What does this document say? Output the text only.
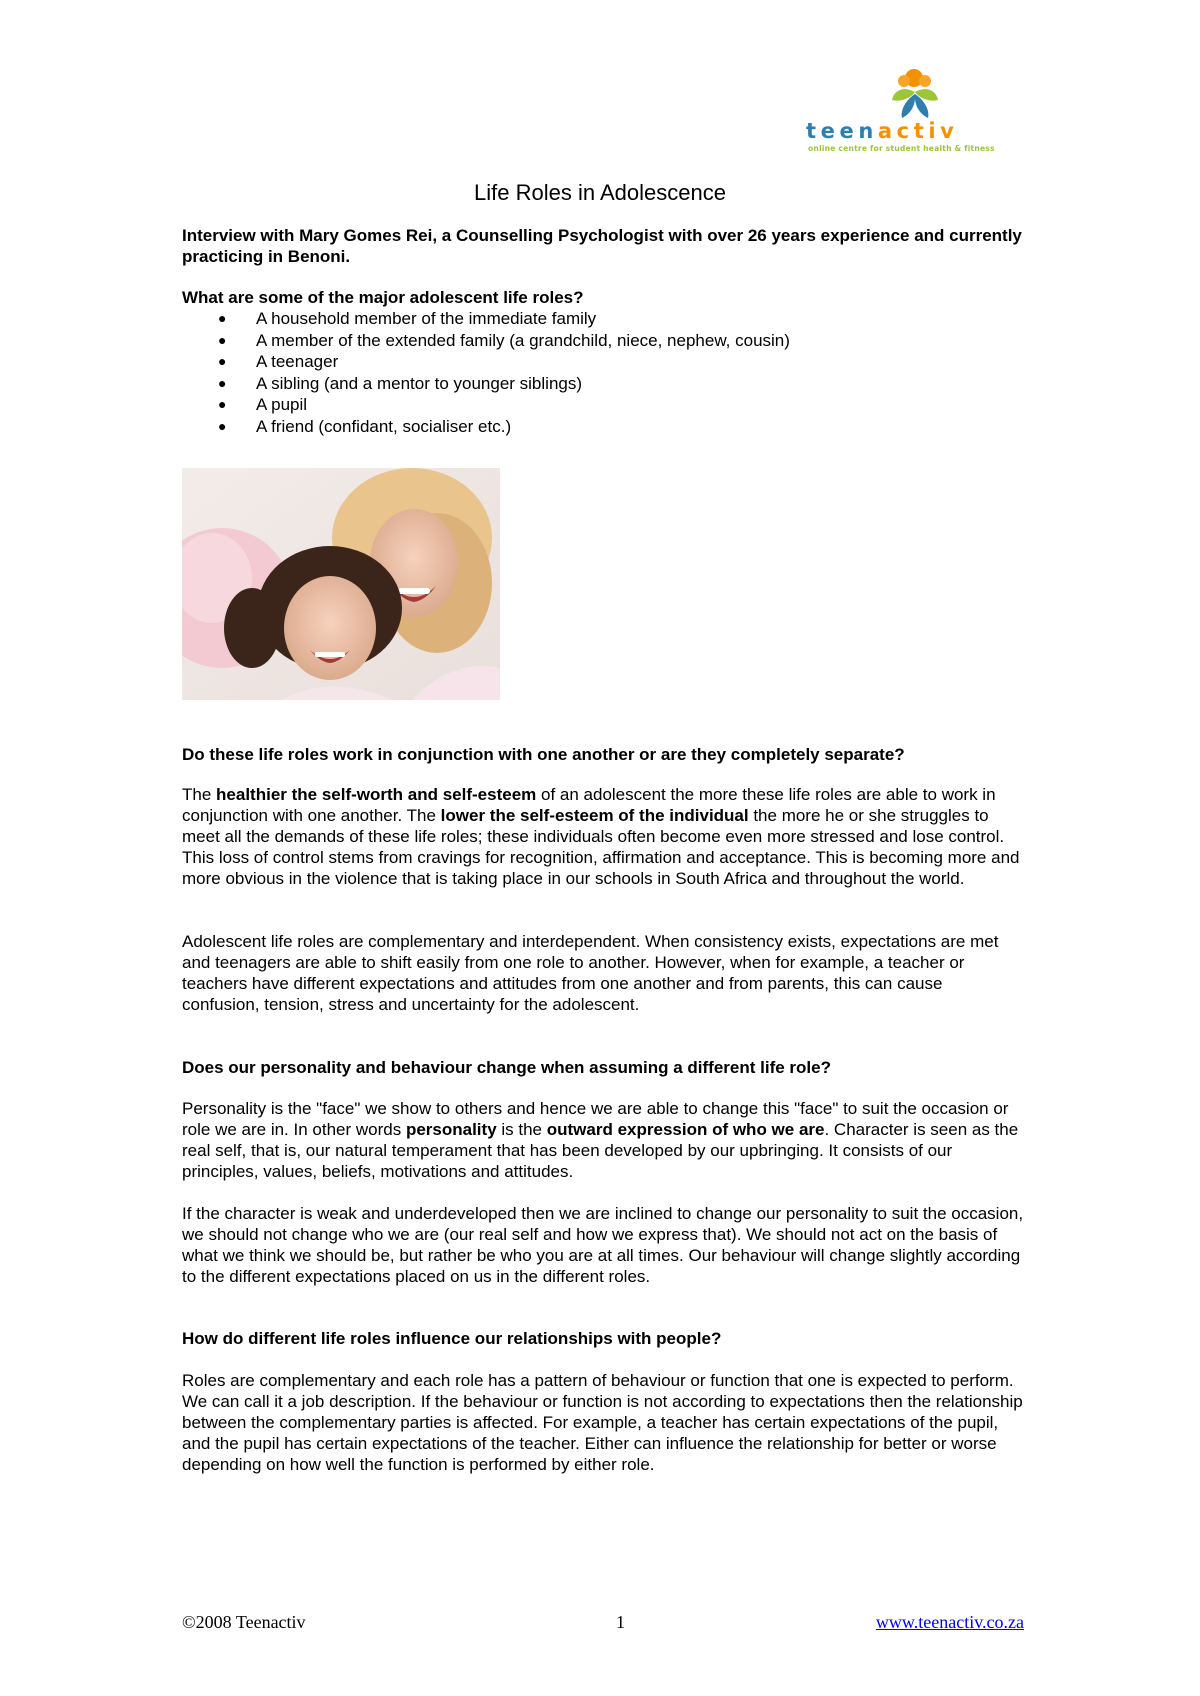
teenactiv
online centre for student health & fitness
Life Roles in Adolescence

Interview with Mary Gomes Rei, a Counselling Psychologist with over 26 years experience and currently practicing in Benoni.

What are some of the major adolescent life roles?

● A household member of the immediate family
● A member of the extended family (a grandchild, niece, nephew, cousin)
● A teenager
● A sibling (and a mentor to younger siblings)
● A pupil
● A friend (confidant, socialiser etc.)

Do these life roles work in conjunction with one another or are they completely separate?

The healthier the self-worth and self-esteem of an adolescent the more these life roles are able to work in conjunction with one another. The lower the self-esteem of the individual the more he or she struggles to meet all the demands of these life roles; these individuals often become even more stressed and lose control. This loss of control stems from cravings for recognition, affirmation and acceptance. This is becoming more and more obvious in the violence that is taking place in our schools in South Africa and throughout the world.

Adolescent life roles are complementary and interdependent. When consistency exists, expectations are met and teenagers are able to shift easily from one role to another. However, when for example, a teacher or teachers have different expectations and attitudes from one another and from parents, this can cause confusion, tension, stress and uncertainty for the adolescent.

Does our personality and behaviour change when assuming a different life role?

Personality is the "face" we show to others and hence we are able to change this "face" to suit the occasion or role we are in. In other words personality is the outward expression of who we are. Character is seen as the real self, that is, our natural temperament that has been developed by our upbringing. It consists of our principles, values, beliefs, motivations and attitudes.

If the character is weak and underdeveloped then we are inclined to change our personality to suit the occasion, we should not change who we are (our real self and how we express that). We should not act on the basis of what we think we should be, but rather be who you are at all times. Our behaviour will change slightly according to the different expectations placed on us in the different roles.

How do different life roles influence our relationships with people?

Roles are complementary and each role has a pattern of behaviour or function that one is expected to perform. We can call it a job description. If the behaviour or function is not according to expectations then the relationship between the complementary parties is affected. For example, a teacher has certain expectations of the pupil, and the pupil has certain expectations of the teacher. Either can influence the relationship for better or worse depending on how well the function is performed by either role.

©2008 Teenactiv	1	www.teenactiv.co.za
